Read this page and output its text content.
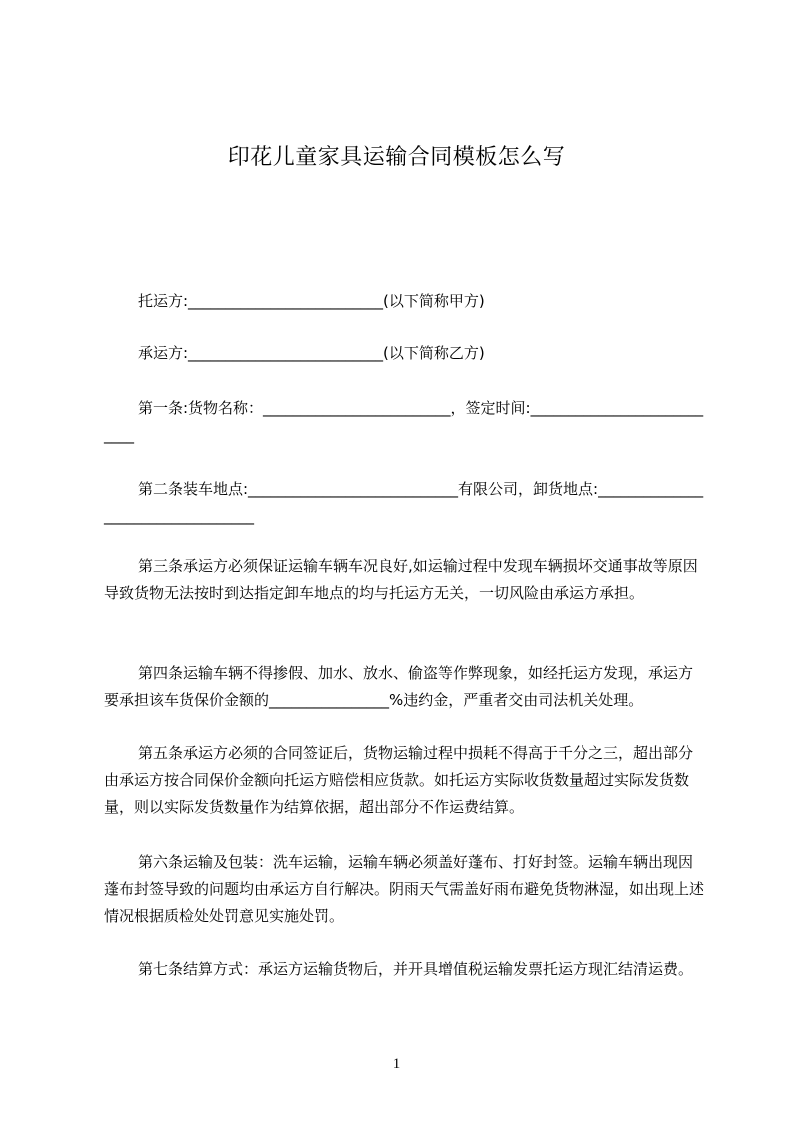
印花儿童家具运输合同模板怎么写

托运方:__________________________(以下简称甲方)

承运方:__________________________(以下简称乙方)

第一条:货物名称：_________________________，签定时间:___________________________

第二条装车地点:____________________________有限公司，卸货地点:__________________________________

第三条承运方必须保证运输车辆车况良好,如运输过程中发现车辆损坏交通事故等原因导致货物无法按时到达指定卸车地点的均与托运方无关，一切风险由承运方承担。

第四条运输车辆不得掺假、加水、放水、偷盗等作弊现象，如经托运方发现，承运方要承担该车货保价金额的________________%违约金，严重者交由司法机关处理。

第五条承运方必须的合同签证后，货物运输过程中损耗不得高于千分之三，超出部分由承运方按合同保价金额向托运方赔偿相应货款。如托运方实际收货数量超过实际发货数量，则以实际发货数量作为结算依据，超出部分不作运费结算。

第六条运输及包装：洗车运输，运输车辆必须盖好蓬布、打好封签。运输车辆出现因蓬布封签导致的问题均由承运方自行解决。阴雨天气需盖好雨布避免货物淋湿，如出现上述情况根据质检处处罚意见实施处罚。

第七条结算方式：承运方运输货物后，并开具增值税运输发票托运方现汇结清运费。

1
